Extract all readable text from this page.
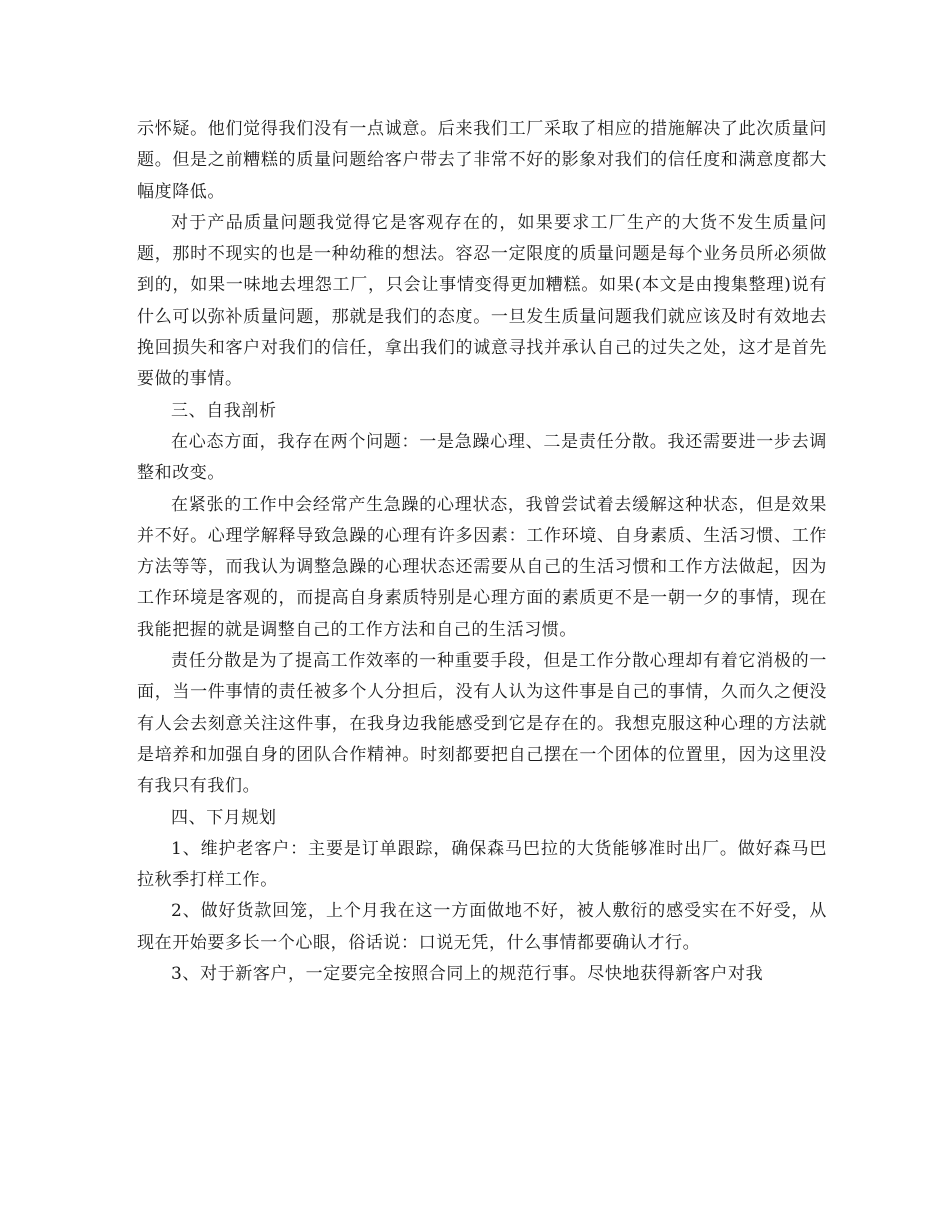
示怀疑。他们觉得我们没有一点诚意。后来我们工厂采取了相应的措施解决了此次质量问题。但是之前糟糕的质量问题给客户带去了非常不好的影象对我们的信任度和满意度都大幅度降低。

对于产品质量问题我觉得它是客观存在的，如果要求工厂生产的大货不发生质量问题，那时不现实的也是一种幼稚的想法。容忍一定限度的质量问题是每个业务员所必须做到的，如果一味地去埋怨工厂，只会让事情变得更加糟糕。如果(本文是由搜集整理)说有什么可以弥补质量问题，那就是我们的态度。一旦发生质量问题我们就应该及时有效地去挽回损失和客户对我们的信任，拿出我们的诚意寻找并承认自己的过失之处，这才是首先要做的事情。

三、自我剖析

在心态方面，我存在两个问题：一是急躁心理、二是责任分散。我还需要进一步去调整和改变。

在紧张的工作中会经常产生急躁的心理状态，我曾尝试着去缓解这种状态，但是效果并不好。心理学解释导致急躁的心理有许多因素：工作环境、自身素质、生活习惯、工作方法等等，而我认为调整急躁的心理状态还需要从自己的生活习惯和工作方法做起，因为工作环境是客观的，而提高自身素质特别是心理方面的素质更不是一朝一夕的事情，现在我能把握的就是调整自己的工作方法和自己的生活习惯。

责任分散是为了提高工作效率的一种重要手段，但是工作分散心理却有着它消极的一面，当一件事情的责任被多个人分担后，没有人认为这件事是自己的事情，久而久之便没有人会去刻意关注这件事，在我身边我能感受到它是存在的。我想克服这种心理的方法就是培养和加强自身的团队合作精神。时刻都要把自己摆在一个团体的位置里，因为这里没有我只有我们。

四、下月规划

1、维护老客户：主要是订单跟踪，确保森马巴拉的大货能够准时出厂。做好森马巴拉秋季打样工作。

2、做好货款回笼，上个月我在这一方面做地不好，被人敷衍的感受实在不好受，从现在开始要多长一个心眼，俗话说：口说无凭，什么事情都要确认才行。

3、对于新客户，一定要完全按照合同上的规范行事。尽快地获得新客户对我
